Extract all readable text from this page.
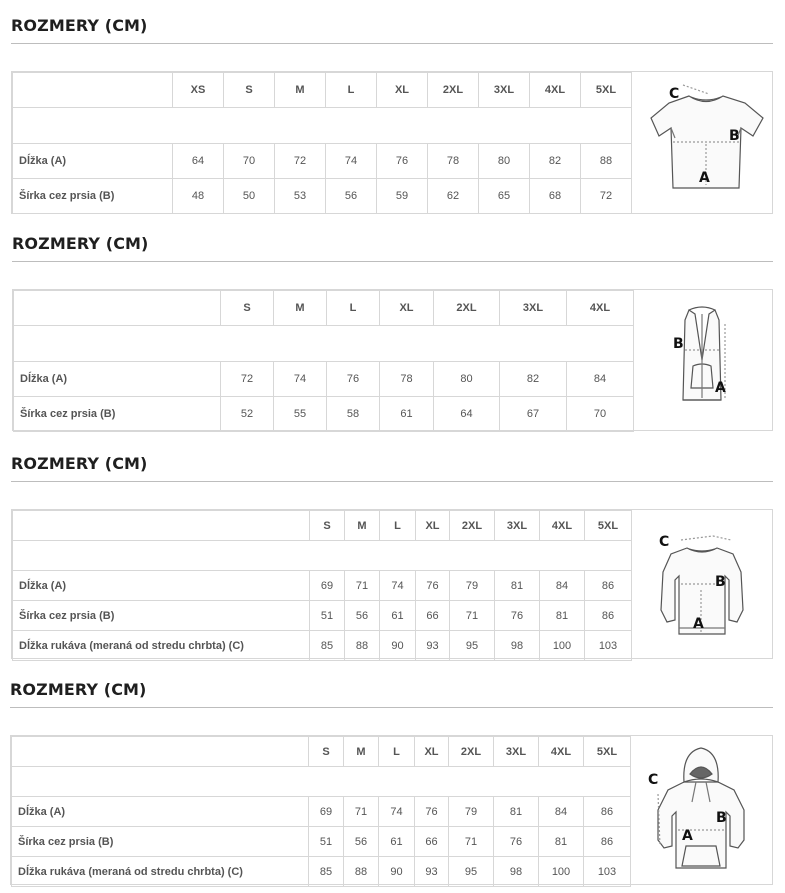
ROZMERY (CM)
	XS	S	M	L	XL	2XL	3XL	4XL	5XL

Dĺžka (A)	64	70	72	74	76	78	80	82	88
Šírka cez prsia (B)	48	50	53	56	59	62	65	68	72
C
B
A
ROZMERY (CM)
	S	M	L	XL	2XL	3XL	4XL

Dĺžka (A)	72	74	76	78	80	82	84
Šírka cez prsia (B)	52	55	58	61	64	67	70
B
A
ROZMERY (CM)
	S	M	L	XL	2XL	3XL	4XL	5XL

Dĺžka (A)	69	71	74	76	79	81	84	86
Šírka cez prsia (B)	51	56	61	66	71	76	81	86
Dĺžka rukáva (meraná od stredu chrbta) (C)	85	88	90	93	95	98	100	103
C
B
A
ROZMERY (CM)
	S	M	L	XL	2XL	3XL	4XL	5XL

Dĺžka (A)	69	71	74	76	79	81	84	86
Šírka cez prsia (B)	51	56	61	66	71	76	81	86
Dĺžka rukáva (meraná od stredu chrbta) (C)	85	88	90	93	95	98	100	103
C
B
A
